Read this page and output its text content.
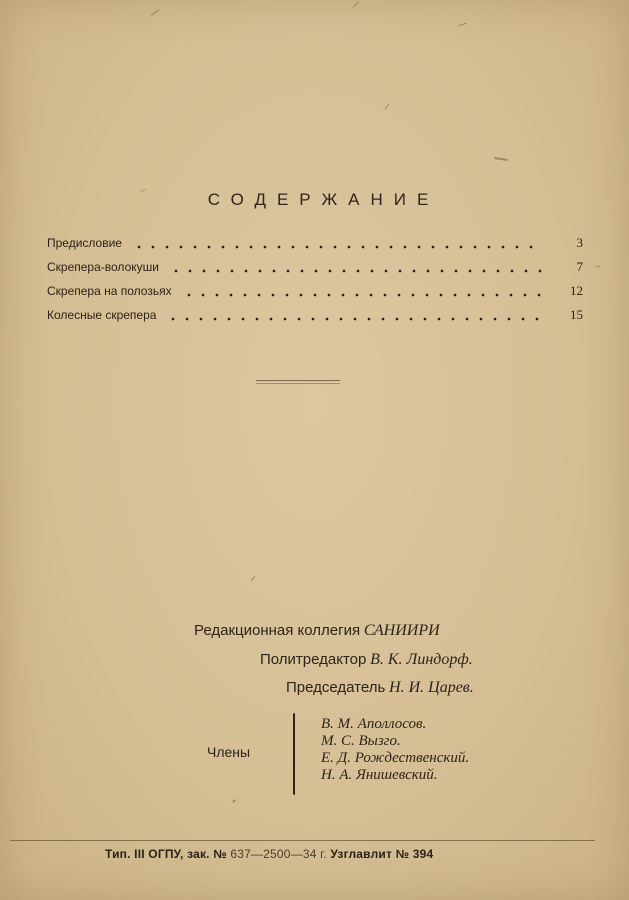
СОДЕРЖАНИЕ
Предисловие	3
Скрепера-волокуши	7
Скрепера на полозьях	12
Колесные скрепера	15
Редакционная коллегия САНИИРИ
Политредактор В. К. Линдорф.
Председатель Н. И. Царев.
Члены
В. М. Аполлосов.
М. С. Вызго.
Е. Д. Рождественский.
Н. А. Янишевский.
Тип. III ОГПУ, зак. № 637—2500—34 г. Узглавлит № 394
